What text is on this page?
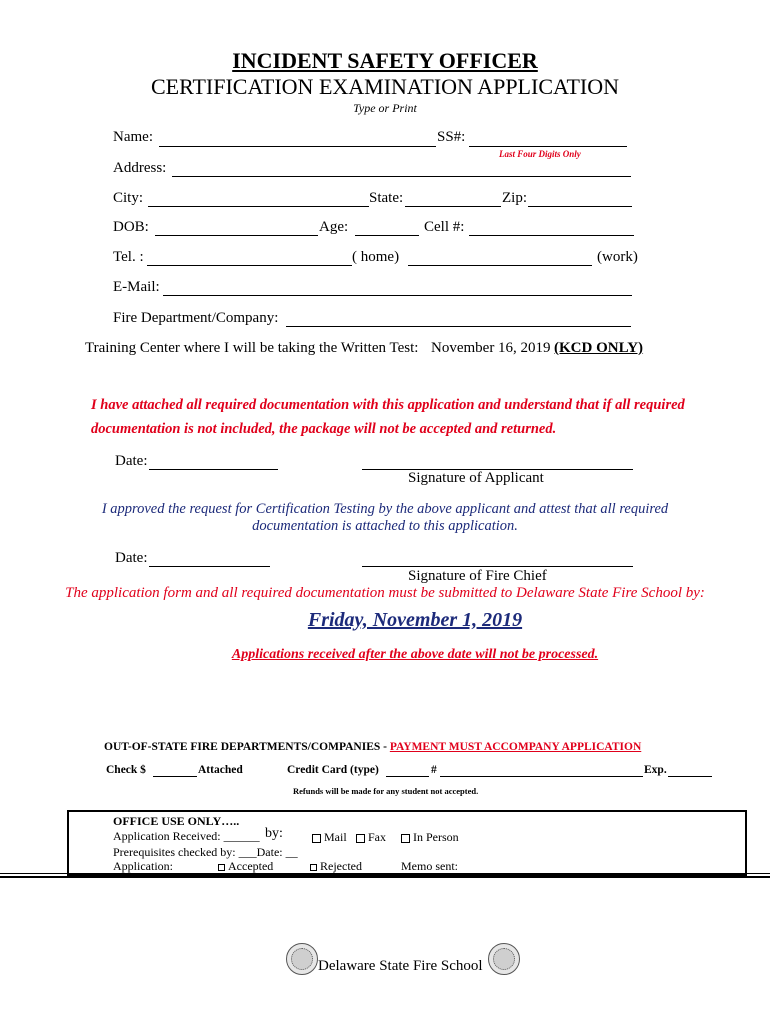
INCIDENT SAFETY OFFICER
CERTIFICATION EXAMINATION APPLICATION
Type or Print
Name:	SS#:
Last Four Digits Only
Address:
City:	State:	Zip:
DOB:	Age:	Cell #:
Tel. :	( home)	(work)
E-Mail:
Fire Department/Company:
Training Center where I will be taking the Written Test: November 16, 2019 (KCD ONLY)
I have attached all required documentation with this application and understand that if all required
documentation is not included, the package will not be accepted and returned.
Date:
Signature of Applicant
I approved the request for Certification Testing by the above applicant and attest that all required
documentation is attached to this application.
Date:
Signature of Fire Chief
The application form and all required documentation must be submitted to Delaware State Fire School by:
Friday, November 1, 2019
Applications received after the above date will not be processed.
OUT-OF-STATE FIRE DEPARTMENTS/COMPANIES - PAYMENT MUST ACCOMPANY APPLICATION
Check $	Attached	Credit Card (type)	#	Exp.
Refunds will be made for any student not accepted.
OFFICE USE ONLY…..
Application Received: ______ by:	Mail	Fax	In Person
Prerequisites checked by: ___Date: __
Application:	Accepted	Rejected	Memo sent:
Delaware State Fire School
